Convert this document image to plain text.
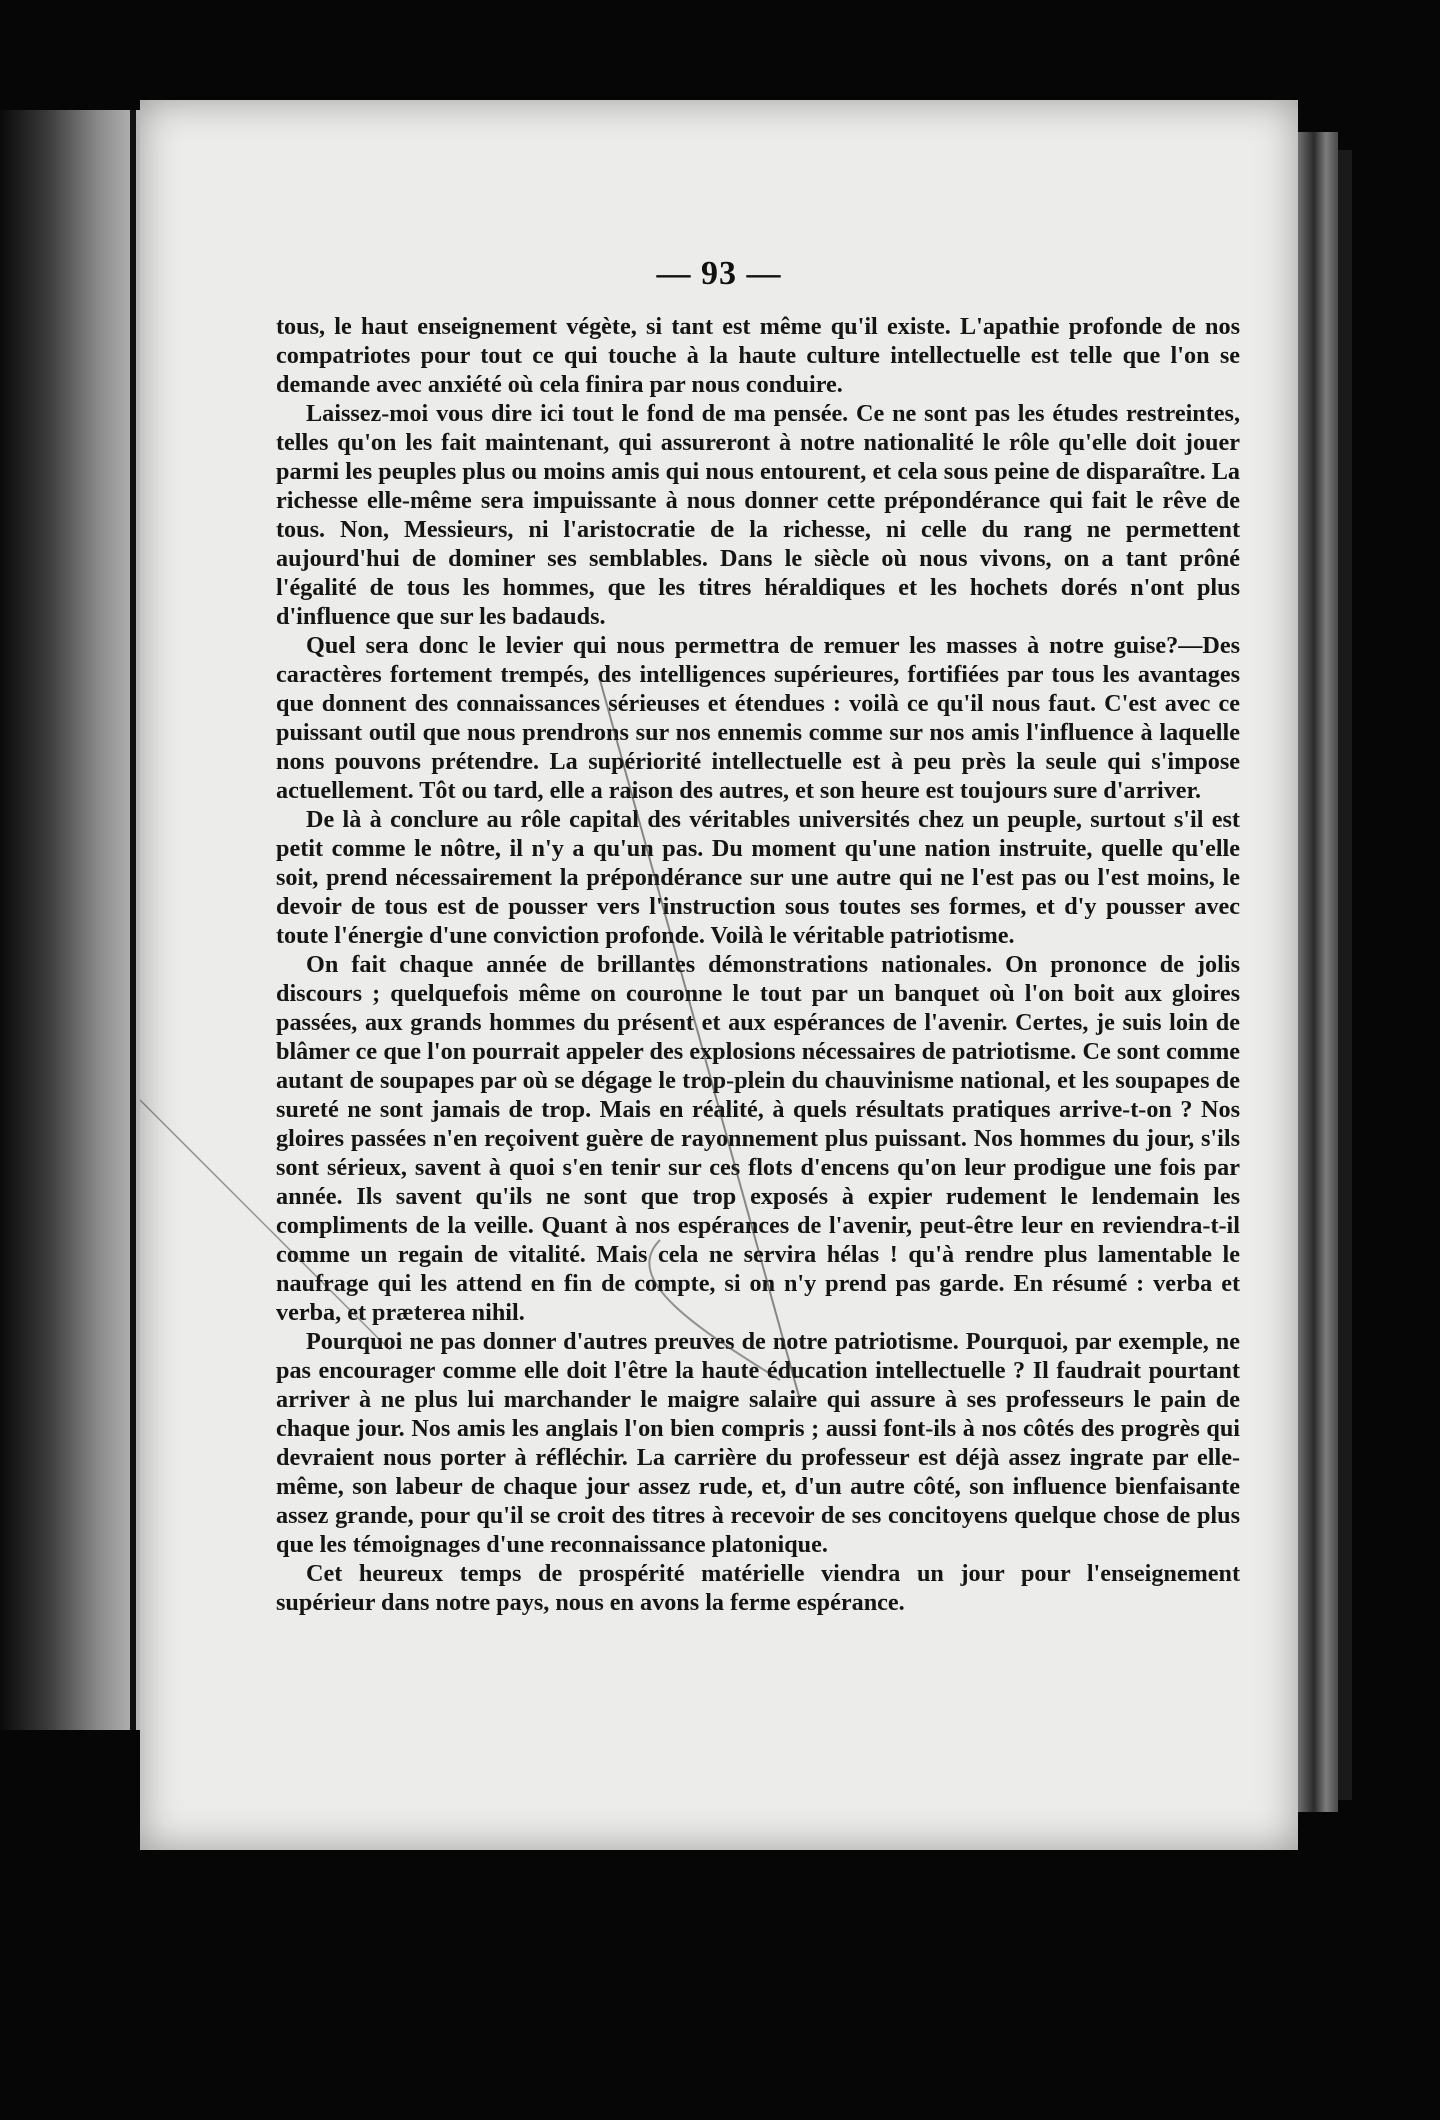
— 93 —

tous, le haut enseignement végète, si tant est même qu'il existe. L'apathie profonde de nos compatriotes pour tout ce qui touche à la haute culture intellectuelle est telle que l'on se demande avec anxiété où cela finira par nous conduire.

Laissez-moi vous dire ici tout le fond de ma pensée. Ce ne sont pas les études restreintes, telles qu'on les fait maintenant, qui assureront à notre nationalité le rôle qu'elle doit jouer parmi les peuples plus ou moins amis qui nous entourent, et cela sous peine de disparaître. La richesse elle-même sera impuissante à nous donner cette prépondérance qui fait le rêve de tous. Non, Messieurs, ni l'aristocratie de la richesse, ni celle du rang ne permettent aujourd'hui de dominer ses semblables. Dans le siècle où nous vivons, on a tant prôné l'égalité de tous les hommes, que les titres héraldiques et les hochets dorés n'ont plus d'influence que sur les badauds.

Quel sera donc le levier qui nous permettra de remuer les masses à notre guise?—Des caractères fortement trempés, des intelligences supérieures, fortifiées par tous les avantages que donnent des connaissances sérieuses et étendues : voilà ce qu'il nous faut. C'est avec ce puissant outil que nous prendrons sur nos ennemis comme sur nos amis l'influence à laquelle nons pouvons prétendre. La supériorité intellectuelle est à peu près la seule qui s'impose actuellement. Tôt ou tard, elle a raison des autres, et son heure est toujours sure d'arriver.

De là à conclure au rôle capital des véritables universités chez un peuple, surtout s'il est petit comme le nôtre, il n'y a qu'un pas. Du moment qu'une nation instruite, quelle qu'elle soit, prend nécessairement la prépondérance sur une autre qui ne l'est pas ou l'est moins, le devoir de tous est de pousser vers l'instruction sous toutes ses formes, et d'y pousser avec toute l'énergie d'une conviction profonde. Voilà le véritable patriotisme.

On fait chaque année de brillantes démonstrations nationales. On prononce de jolis discours ; quelquefois même on couronne le tout par un banquet où l'on boit aux gloires passées, aux grands hommes du présent et aux espérances de l'avenir. Certes, je suis loin de blâmer ce que l'on pourrait appeler des explosions nécessaires de patriotisme. Ce sont comme autant de soupapes par où se dégage le trop-plein du chauvinisme national, et les soupapes de sureté ne sont jamais de trop. Mais en réalité, à quels résultats pratiques arrive-t-on ? Nos gloires passées n'en reçoivent guère de rayonnement plus puissant. Nos hommes du jour, s'ils sont sérieux, savent à quoi s'en tenir sur ces flots d'encens qu'on leur prodigue une fois par année. Ils savent qu'ils ne sont que trop exposés à expier rudement le lendemain les compliments de la veille. Quant à nos espérances de l'avenir, peut-être leur en reviendra-t-il comme un regain de vitalité. Mais cela ne servira hélas ! qu'à rendre plus lamentable le naufrage qui les attend en fin de compte, si on n'y prend pas garde. En résumé : verba et verba, et præterea nihil.

Pourquoi ne pas donner d'autres preuves de notre patriotisme. Pourquoi, par exemple, ne pas encourager comme elle doit l'être la haute éducation intellectuelle ? Il faudrait pourtant arriver à ne plus lui marchander le maigre salaire qui assure à ses professeurs le pain de chaque jour. Nos amis les anglais l'on bien compris ; aussi font-ils à nos côtés des progrès qui devraient nous porter à réfléchir. La carrière du professeur est déjà assez ingrate par elle-même, son labeur de chaque jour assez rude, et, d'un autre côté, son influence bienfaisante assez grande, pour qu'il se croit des titres à recevoir de ses concitoyens quelque chose de plus que les témoignages d'une reconnaissance platonique.

Cet heureux temps de prospérité matérielle viendra un jour pour l'enseignement supérieur dans notre pays, nous en avons la ferme espérance.
